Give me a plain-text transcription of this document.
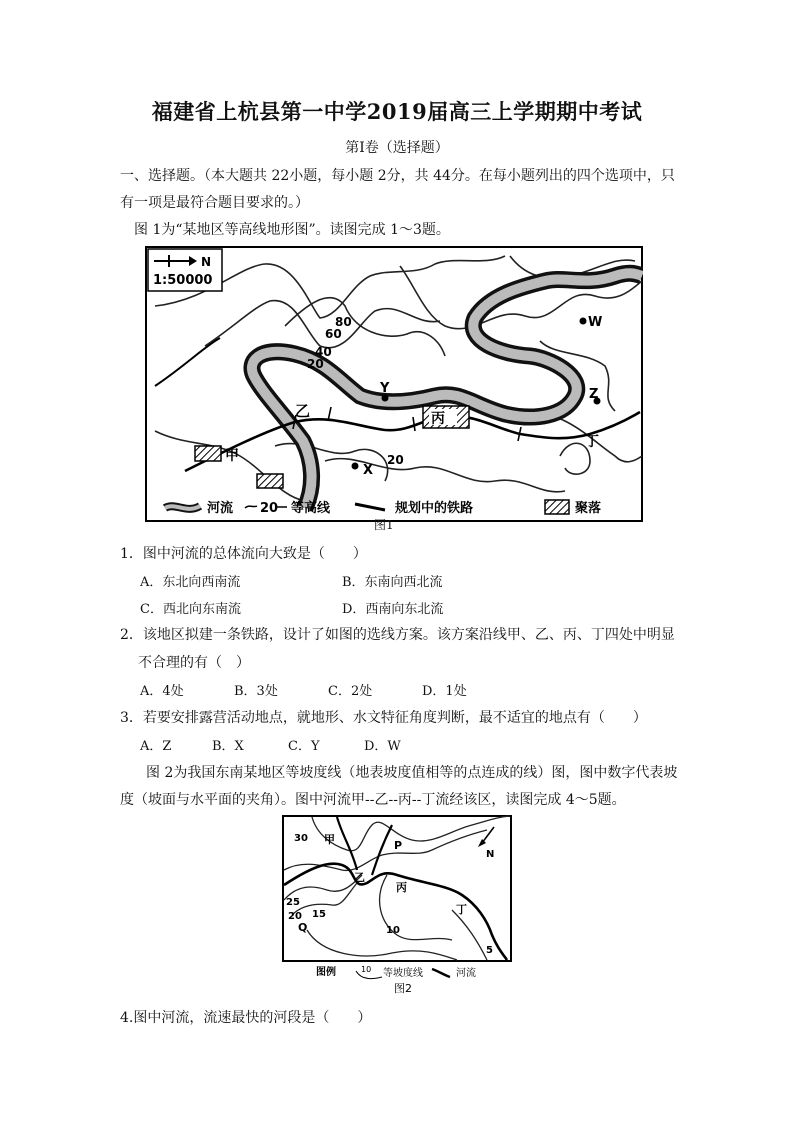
福建省上杭县第一中学2019届高三上学期期中考试
第Ⅰ卷（选择题）
一、选择题。（本大题共 22小题，每小题 2分，共 44分。在每小题列出的四个选项中，只
有一项是最符合题目要求的。）
图 1为“某地区等高线地形图”。读图完成 1～3题。
N
1:50000
80
60
40
20
20
W
Y
X
Z
甲
乙	丙
丁
河流 20 等高线	规划中的铁路	聚落
图1
1．图中河流的总体流向大致是（　　）
A．东北向西南流	B．东南向西北流
C．西北向东南流	D．西南向东北流
2．该地区拟建一条铁路，设计了如图的选线方案。该方案沿线甲、乙、丙、丁四处中明显
不合理的有（　）
A．4处	B．3处	C．2处	D．1处
3．若要安排露营活动地点，就地形、水文特征角度判断，最不适宜的地点有（　　）
A．Z	B．X	C．Y	D．W
图 2为我国东南某地区等坡度线（地表坡度值相等的点连成的线）图，图中数字代表坡
度（坡面与水平面的夹角）。图中河流甲--乙--丙--丁流经该区，读图完成 4～5题。
30 甲	P
N
乙
丙
25
20 15
Q
丁
10
5
图例	10 等坡度线	河流
图2
4.图中河流，流速最快的河段是（　　）
